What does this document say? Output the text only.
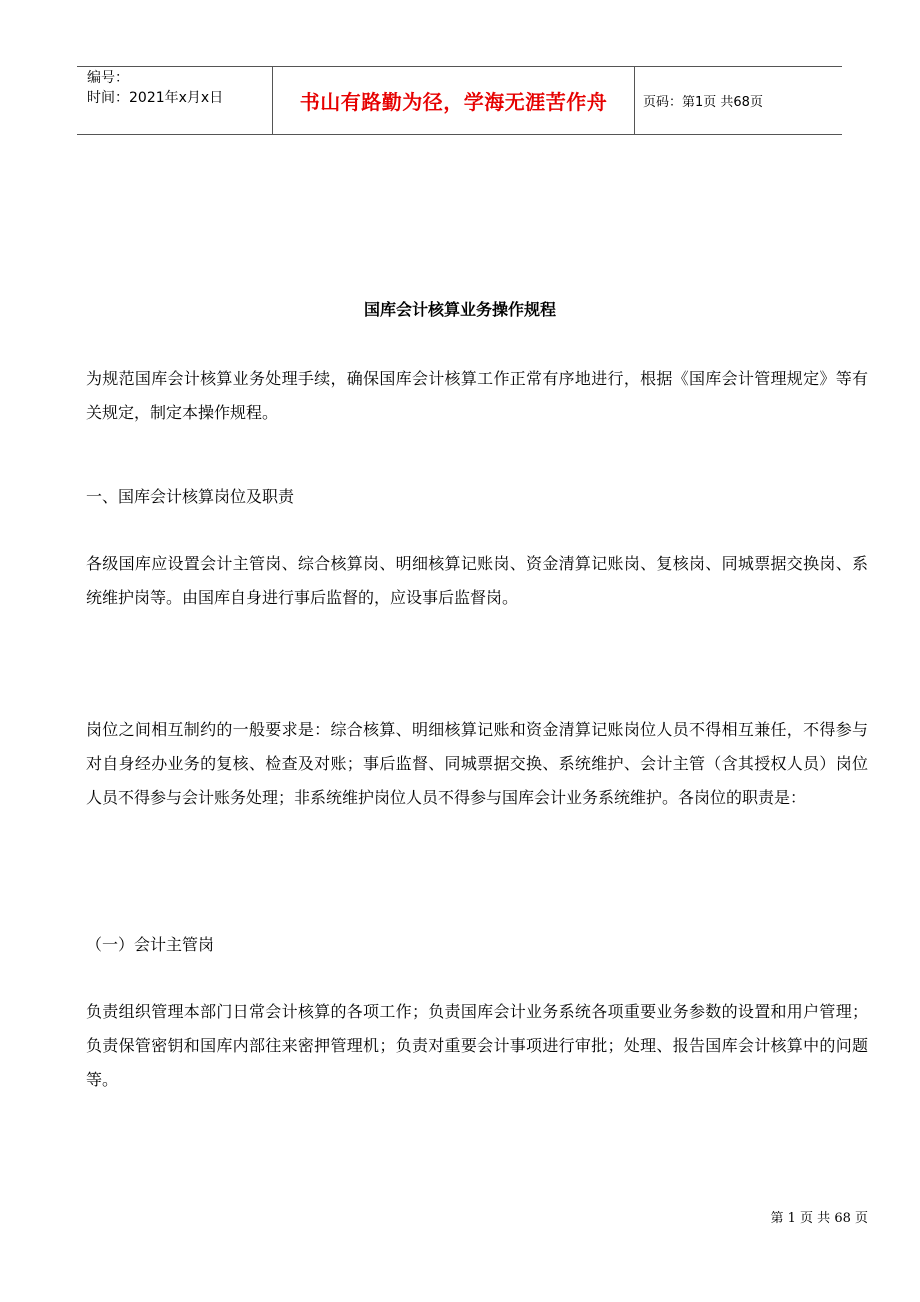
编号：
时间：2021年x月x日	书山有路勤为径，学海无涯苦作舟	页码：第1页 共68页
国库会计核算业务操作规程

为规范国库会计核算业务处理手续，确保国库会计核算工作正常有序地进行，根据《国库会计管理规定》等有关规定，制定本操作规程。

一、国库会计核算岗位及职责

各级国库应设置会计主管岗、综合核算岗、明细核算记账岗、资金清算记账岗、复核岗、同城票据交换岗、系统维护岗等。由国库自身进行事后监督的，应设事后监督岗。

岗位之间相互制约的一般要求是：综合核算、明细核算记账和资金清算记账岗位人员不得相互兼任，不得参与对自身经办业务的复核、检查及对账；事后监督、同城票据交换、系统维护、会计主管（含其授权人员）岗位人员不得参与会计账务处理；非系统维护岗位人员不得参与国库会计业务系统维护。各岗位的职责是：

（一）会计主管岗

负责组织管理本部门日常会计核算的各项工作；负责国库会计业务系统各项重要业务参数的设置和用户管理；负责保管密钥和国库内部往来密押管理机；负责对重要会计事项进行审批；处理、报告国库会计核算中的问题等。

第 1 页 共 68 页
